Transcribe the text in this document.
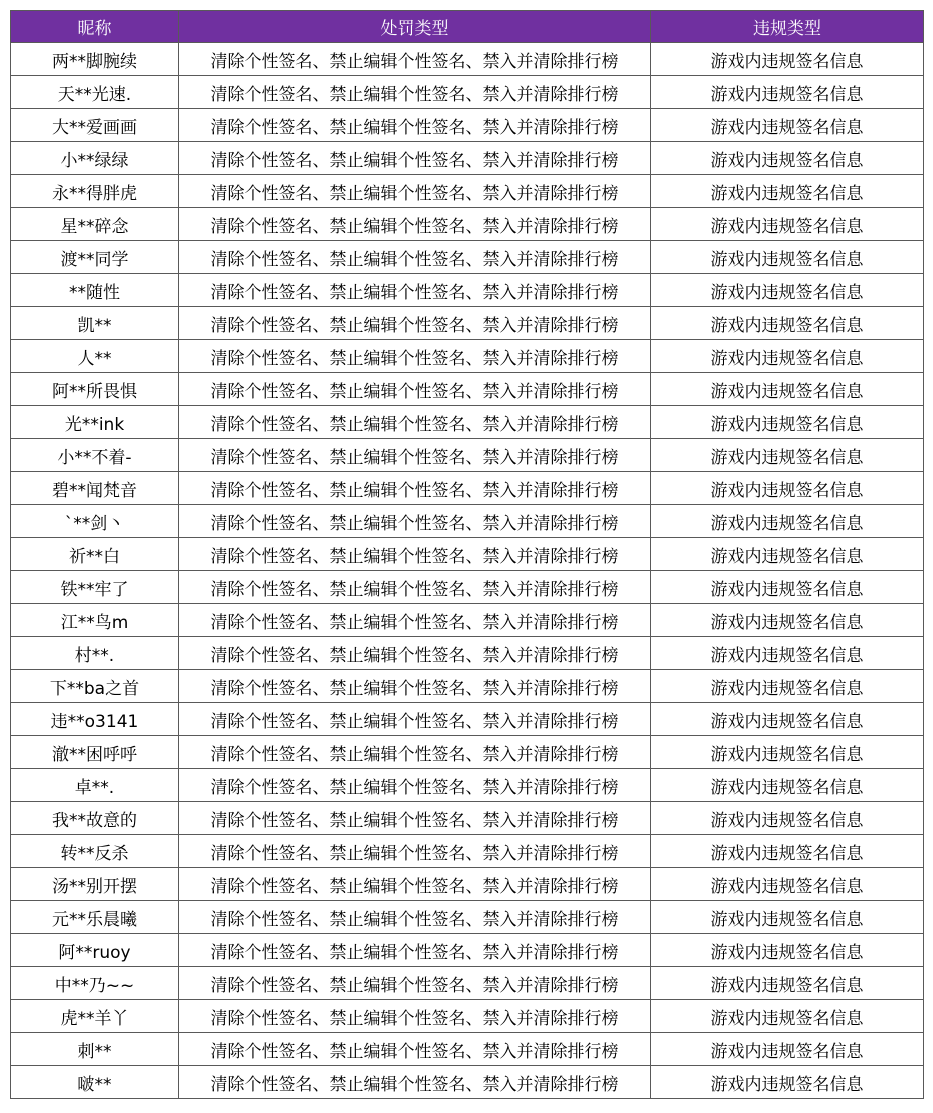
昵称	处罚类型	违规类型
两**脚腕续	清除个性签名、禁止编辑个性签名、禁入并清除排行榜	游戏内违规签名信息
天**光速.	清除个性签名、禁止编辑个性签名、禁入并清除排行榜	游戏内违规签名信息
大**爱画画	清除个性签名、禁止编辑个性签名、禁入并清除排行榜	游戏内违规签名信息
小**绿绿	清除个性签名、禁止编辑个性签名、禁入并清除排行榜	游戏内违规签名信息
永**得胖虎	清除个性签名、禁止编辑个性签名、禁入并清除排行榜	游戏内违规签名信息
星**碎念	清除个性签名、禁止编辑个性签名、禁入并清除排行榜	游戏内违规签名信息
渡**同学	清除个性签名、禁止编辑个性签名、禁入并清除排行榜	游戏内违规签名信息
**随性	清除个性签名、禁止编辑个性签名、禁入并清除排行榜	游戏内违规签名信息
凯**	清除个性签名、禁止编辑个性签名、禁入并清除排行榜	游戏内违规签名信息
人**	清除个性签名、禁止编辑个性签名、禁入并清除排行榜	游戏内违规签名信息
阿**所畏惧	清除个性签名、禁止编辑个性签名、禁入并清除排行榜	游戏内违规签名信息
光**ink	清除个性签名、禁止编辑个性签名、禁入并清除排行榜	游戏内违规签名信息
小**不着-	清除个性签名、禁止编辑个性签名、禁入并清除排行榜	游戏内违规签名信息
碧**闻梵音	清除个性签名、禁止编辑个性签名、禁入并清除排行榜	游戏内违规签名信息
ˋ**剑丶	清除个性签名、禁止编辑个性签名、禁入并清除排行榜	游戏内违规签名信息
祈**白	清除个性签名、禁止编辑个性签名、禁入并清除排行榜	游戏内违规签名信息
铁**牢了	清除个性签名、禁止编辑个性签名、禁入并清除排行榜	游戏内违规签名信息
江**鸟m	清除个性签名、禁止编辑个性签名、禁入并清除排行榜	游戏内违规签名信息
村**.	清除个性签名、禁止编辑个性签名、禁入并清除排行榜	游戏内违规签名信息
下**ba之首	清除个性签名、禁止编辑个性签名、禁入并清除排行榜	游戏内违规签名信息
违**o3141	清除个性签名、禁止编辑个性签名、禁入并清除排行榜	游戏内违规签名信息
澈**困呼呼	清除个性签名、禁止编辑个性签名、禁入并清除排行榜	游戏内违规签名信息
卓**.	清除个性签名、禁止编辑个性签名、禁入并清除排行榜	游戏内违规签名信息
我**故意的	清除个性签名、禁止编辑个性签名、禁入并清除排行榜	游戏内违规签名信息
转**反杀	清除个性签名、禁止编辑个性签名、禁入并清除排行榜	游戏内违规签名信息
汤**别开摆	清除个性签名、禁止编辑个性签名、禁入并清除排行榜	游戏内违规签名信息
元**乐晨曦	清除个性签名、禁止编辑个性签名、禁入并清除排行榜	游戏内违规签名信息
阿**ruoy	清除个性签名、禁止编辑个性签名、禁入并清除排行榜	游戏内违规签名信息
中**乃~~	清除个性签名、禁止编辑个性签名、禁入并清除排行榜	游戏内违规签名信息
虎**羊丫	清除个性签名、禁止编辑个性签名、禁入并清除排行榜	游戏内违规签名信息
刺**	清除个性签名、禁止编辑个性签名、禁入并清除排行榜	游戏内违规签名信息
啵**	清除个性签名、禁止编辑个性签名、禁入并清除排行榜	游戏内违规签名信息
